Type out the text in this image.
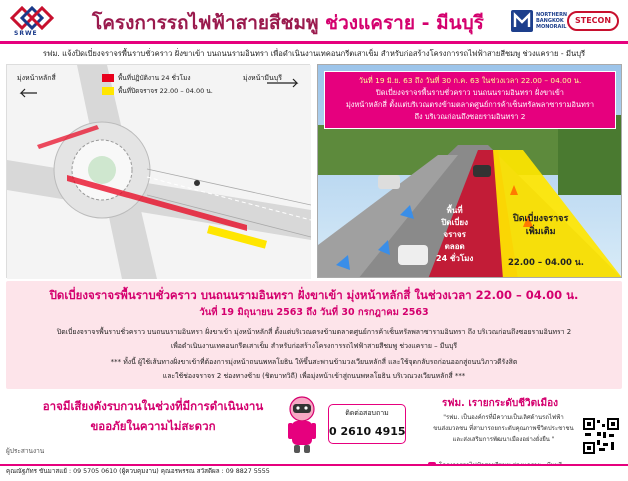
SRWE	โครงการรถไฟฟ้าสายสีชมพู ช่วงแคราย - มีนบุรี	NORTHERN
BANGKOK
MONORAIL
STECON
รฟม. แจ้งปิดเบี่ยงจราจรพื้นราบชั่วคราว ฝั่งขาเข้า บนถนนรามอินทรา เพื่อดำเนินงานเทคอนกรีตเสาเข็ม สำหรับก่อสร้างโครงการรถไฟฟ้าสายสีชมพู ช่วงแคราย - มีนบุรี
มุ่งหน้าหลักสี่	มุ่งหน้ามีนบุรี
พื้นที่ปฏิบัติงาน 24 ชั่วโมง
พื้นที่ปิดจราจร 22.00 – 04.00 น.
วันที่ 19 มิ.ย. 63 ถึง วันที่ 30 ก.ค. 63 ในช่วงเวลา 22.00 – 04.00 น.
ปิดเบี่ยงจราจรพื้นราบชั่วคราว บนถนนรามอินทรา ฝั่งขาเข้า
มุ่งหน้าหลักสี่ ตั้งแต่บริเวณตรงข้ามตลาดศูนย์การค้าเซ็นทรัลพลาซารามอินทรา
ถึง บริเวณก่อนถึงซอยรามอินทรา 2
พื้นที่
ปิดเบี่ยง
จราจร
ตลอด
24 ชั่วโมง
ปิดเบี่ยงจราจร
เพิ่มเติม
22.00 – 04.00 น.
ปิดเบี่ยงจราจรพื้นราบชั่วคราว บนถนนรามอินทรา ฝั่งขาเข้า มุ่งหน้าหลักสี่ ในช่วงเวลา 22.00 – 04.00 น.
วันที่ 19 มิถุนายน 2563 ถึง วันที่ 30 กรกฎาคม 2563
ปิดเบี่ยงจราจรพื้นราบชั่วคราว บนถนนรามอินทรา ฝั่งขาเข้า มุ่งหน้าหลักสี่ ตั้งแต่บริเวณตรงข้ามตลาดศูนย์การค้าเซ็นทรัลพลาซารามอินทรา ถึง บริเวณก่อนถึงซอยรามอินทรา 2
เพื่อดำเนินงานเทคอนกรีตเสาเข็ม สำหรับก่อสร้างโครงการรถไฟฟ้าสายสีชมพู ช่วงแคราย – มีนบุรี
*** ทั้งนี้ ผู้ใช้เส้นทางฝั่งขาเข้าที่ต้องการมุ่งหน้าถนนพหลโยธิน ให้ขึ้นสะพานข้ามวงเวียนหลักสี่ และใช้จุดกลับรถก่อนออกสู่ถนนวิภาวดีรังสิต
และใช้ช่องจราจร 2 ช่องทางซ้าย (ชิดบาทวิถี) เพื่อมุ่งหน้าเข้าสู่ถนนพหลโยธิน บริเวณวงเวียนหลักสี่ ***
อาจมีเสียงดังรบกวนในช่วงที่มีการดำเนินงาน
ขออภัยในความไม่สะดวก
ติดต่อสอบถาม
0 2610 4915
รฟม. เรายกระดับชีวิตเมือง
"รฟม. เป็นองค์กรที่มีความเป็นเลิศด้านรถไฟฟ้า
ขนส่งมวลชน ที่สามารถยกระดับคุณภาพชีวิตประชาชน
และส่งเสริมการพัฒนาเมืองอย่างยั่งยืน "
ผู้ประสานงาน
คุณณัฐภัทร ขันมาสแย้ : 09 5705 0610 (ผู้ควบคุมงาน) คุณอรพรรณ สวัสดีผล : 09 8827 5555
